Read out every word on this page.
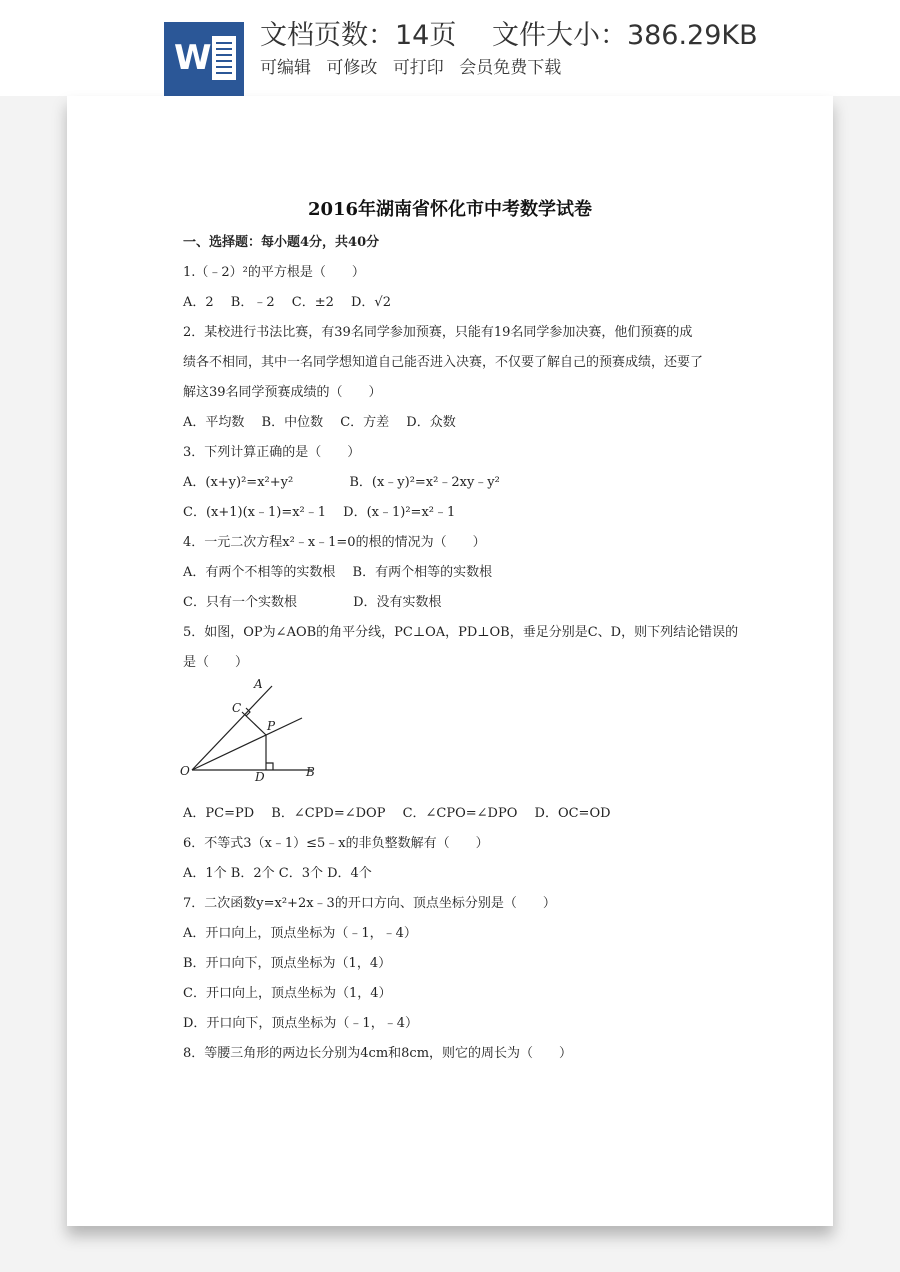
W
文档页数：14页　 文件大小：386.29KB
可编辑 可修改 可打印 会员免费下载
2016年湖南省怀化市中考数学试卷
一、选择题：每小题4分，共40分
1.（﹣2）²的平方根是（　　）
A．2　 B．﹣2　 C．±2　 D．√2
2．某校进行书法比赛，有39名同学参加预赛，只能有19名同学参加决赛，他们预赛的成
绩各不相同，其中一名同学想知道自己能否进入决赛，不仅要了解自己的预赛成绩，还要了
解这39名同学预赛成绩的（　　）
A．平均数　 B．中位数　 C．方差　 D．众数
3．下列计算正确的是（　　）
A．(x+y)²=x²+y²　　　　 B．(x﹣y)²=x²﹣2xy﹣y²
C．(x+1)(x﹣1)=x²﹣1　 D．(x﹣1)²=x²﹣1
4．一元二次方程x²﹣x﹣1=0的根的情况为（　　）
A．有两个不相等的实数根　 B．有两个相等的实数根
C．只有一个实数根　　　　 D．没有实数根
5．如图，OP为∠AOB的角平分线，PC⊥OA，PD⊥OB，垂足分别是C、D，则下列结论错误的
是（　　）
A
C
P
O	D	B
A．PC=PD　 B．∠CPD=∠DOP　 C．∠CPO=∠DPO　 D．OC=OD
6．不等式3（x﹣1）≤5﹣x的非负整数解有（　　）
A．1个 B．2个 C．3个 D．4个
7．二次函数y=x²+2x﹣3的开口方向、顶点坐标分别是（　　）
A．开口向上，顶点坐标为（﹣1，﹣4）
B．开口向下，顶点坐标为（1，4）
C．开口向上，顶点坐标为（1，4）
D．开口向下，顶点坐标为（﹣1，﹣4）
8．等腰三角形的两边长分别为4cm和8cm，则它的周长为（　　）
